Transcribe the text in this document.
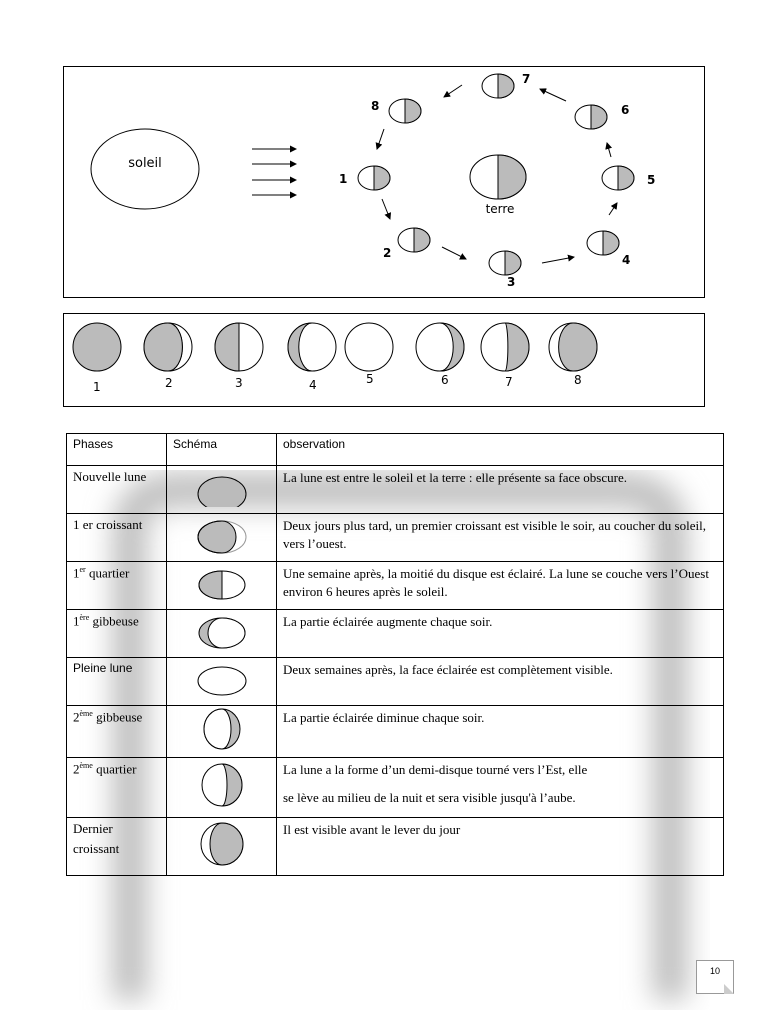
soleil
terre
1
2
3
4
5
6
7
8
1	2	3	4	5	6	7	8
Phases	Schéma	observation
Nouvelle lune		La lune est entre le soleil et la terre : elle présente sa face obscure.
1 er croissant		Deux jours plus tard, un premier croissant est visible le soir, au coucher du soleil, vers l’ouest.
1er quartier		Une semaine après, la moitié du disque est éclairé. La lune se couche vers l’Ouest environ 6 heures après le soleil.
1ère gibbeuse		La partie éclairée augmente chaque soir.
Pleine lune		Deux semaines après, la face éclairée est complètement visible.
2ème gibbeuse		La partie éclairée diminue chaque soir.
2ème quartier		La lune a la forme d’un demi-disque tourné vers l’Est, elle
se lève au milieu de la nuit et sera visible jusqu'à l’aube.

Dernier
croissant		Il est visible avant le lever du jour
10
